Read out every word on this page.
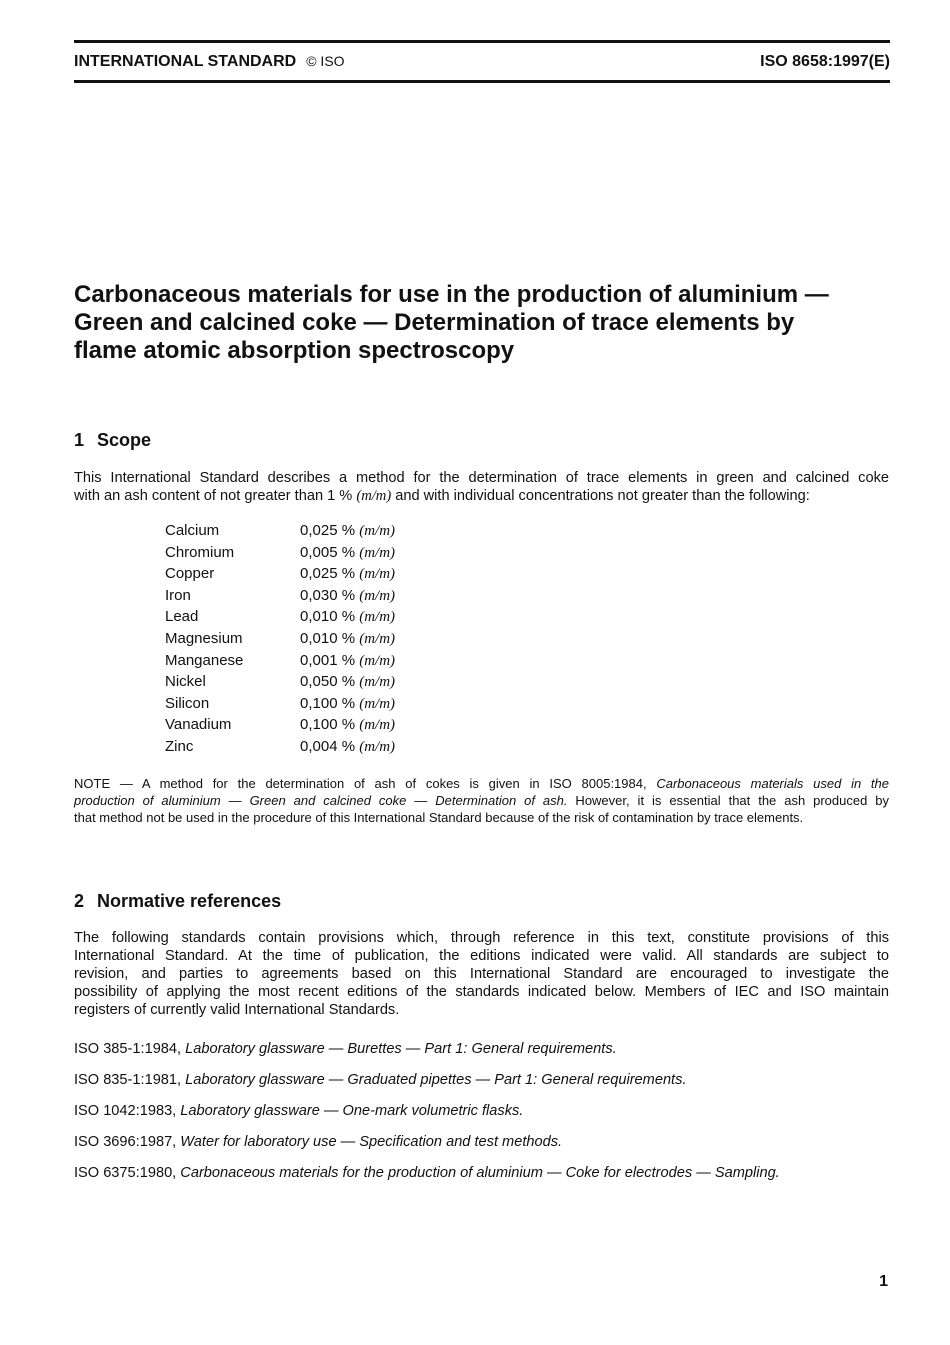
INTERNATIONAL STANDARD © ISO	ISO 8658:1997(E)
Carbonaceous materials for use in the production of aluminium —
Green and calcined coke — Determination of trace elements by
flame atomic absorption spectroscopy
1 Scope
This International Standard describes a method for the determination of trace elements in green and calcined coke
with an ash content of not greater than 1 % (m/m) and with individual concentrations not greater than the following:
Calcium	0,025 % (m/m)
Chromium	0,005 % (m/m)
Copper	0,025 % (m/m)
Iron	0,030 % (m/m)
Lead	0,010 % (m/m)
Magnesium	0,010 % (m/m)
Manganese	0,001 % (m/m)
Nickel	0,050 % (m/m)
Silicon	0,100 % (m/m)
Vanadium	0,100 % (m/m)
Zinc	0,004 % (m/m)
NOTE — A method for the determination of ash of cokes is given in ISO 8005:1984, Carbonaceous materials used in the
production of aluminium — Green and calcined coke — Determination of ash. However, it is essential that the ash produced by
that method not be used in the procedure of this International Standard because of the risk of contamination by trace elements.
2 Normative references
The following standards contain provisions which, through reference in this text, constitute provisions of this
International Standard. At the time of publication, the editions indicated were valid. All standards are subject to
revision, and parties to agreements based on this International Standard are encouraged to investigate the
possibility of applying the most recent editions of the standards indicated below. Members of IEC and ISO maintain
registers of currently valid International Standards.
ISO 385-1:1984, Laboratory glassware — Burettes — Part 1: General requirements.
ISO 835-1:1981, Laboratory glassware — Graduated pipettes — Part 1: General requirements.
ISO 1042:1983, Laboratory glassware — One-mark volumetric flasks.
ISO 3696:1987, Water for laboratory use — Specification and test methods.
ISO 6375:1980, Carbonaceous materials for the production of aluminium — Coke for electrodes — Sampling.
1
